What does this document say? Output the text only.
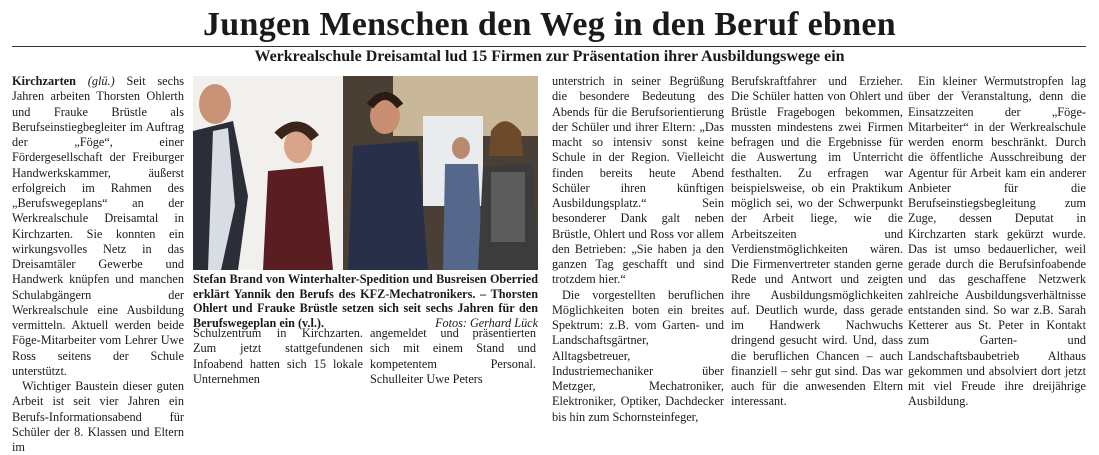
Jungen Menschen den Weg in den Beruf ebnen
Werkrealschule Dreisamtal lud 15 Firmen zur Präsentation ihrer Ausbildungswege ein

Kirchzarten (glü.) Seit sechs Jahren arbeiten Thorsten Ohlerth und Frauke Brüstle als Berufseinstiegbegleiter im Auftrag der „Föge“, einer Fördergesellschaft der Freiburger Handwerkskammer, äußerst erfolgreich im Rahmen des „Berufswegeplans“ an der Werkrealschule Dreisamtal in Kirchzarten. Sie konnten ein wirkungsvolles Netz in das Dreisamtäler Gewerbe und Handwerk knüpfen und manchen Schulabgängern der Werkrealschule eine Ausbildung vermitteln. Aktuell werden beide Föge-Mitarbeiter vom Lehrer Uwe Ross seitens der Schule unterstützt.

Wichtiger Baustein dieser guten Arbeit ist seit vier Jahren ein Berufs-Informationsabend für Schüler der 8. Klassen und Eltern im

Stefan Brand von Winterhalter-Spedition und Busreisen Oberried erklärt Yannik den Berufs des KFZ-Mechatronikers. – Thorsten Ohlert und Frauke Brüstle setzen sich seit sechs Jahren für den Berufswegeplan ein (v.l.).	Fotos: Gerhard Lück

Schulzentrum in Kirchzarten. Zum jetzt stattgefundenen Infoabend hatten sich 15 lokale Unternehmen

angemeldet und präsentierten sich mit einem Stand und kompetentem Personal. Schulleiter Uwe Peters

unterstrich in seiner Begrüßung die besondere Bedeutung des Abends für die Berufsorientierung der Schüler und ihrer Eltern: „Das macht so intensiv sonst keine Schule in der Region. Vielleicht finden bereits heute Abend Schüler ihren künftigen Ausbildungsplatz.“ Sein besonderer Dank galt neben Brüstle, Ohlert und Ross vor allem den Betrieben: „Sie haben ja den ganzen Tag geschafft und sind trotzdem hier.“

Die vorgestellten beruflichen Möglichkeiten boten ein breites Spektrum: z.B. vom Garten- und Landschaftsgärtner, Alltagsbetreuer, Industriemechaniker über Metzger, Mechatroniker, Elektroniker, Optiker, Dachdecker bis hin zum Schornsteinfeger,

Berufskraftfahrer und Erzieher. Die Schüler hatten von Ohlert und Brüstle Fragebogen bekommen, mussten mindestens zwei Firmen befragen und die Ergebnisse für die Auswertung im Unterricht festhalten. Zu erfragen war beispielsweise, ob ein Praktikum möglich sei, wo der Schwerpunkt der Arbeit liege, wie die Arbeitszeiten und Verdienstmöglichkeiten wären. Die Firmenvertreter standen gerne Rede und Antwort und zeigten ihre Ausbildungsmöglichkeiten auf. Deutlich wurde, dass gerade im Handwerk Nachwuchs dringend gesucht wird. Und, dass die beruflichen Chancen – auch finanziell – sehr gut sind. Das war auch für die anwesenden Eltern interessant.

Ein kleiner Wermutstropfen lag über der Veranstaltung, denn die Einsatzzeiten der „Föge-Mitarbeiter“ in der Werkrealschule werden enorm beschränkt. Durch die öffentliche Ausschreibung der Agentur für Arbeit kam ein anderer Anbieter für die Berufseinstiegsbegleitung zum Zuge, dessen Deputat in Kirchzarten stark gekürzt wurde. Das ist umso bedauerlicher, weil gerade durch die Berufsinfoabende und das geschaffene Netzwerk zahlreiche Ausbildungsverhältnisse entstanden sind. So war z.B. Sarah Ketterer aus St. Peter in Kontakt zum Garten- und Landschaftsbaubetrieb Althaus gekommen und absolviert dort jetzt mit viel Freude ihre dreijährige Ausbildung.
